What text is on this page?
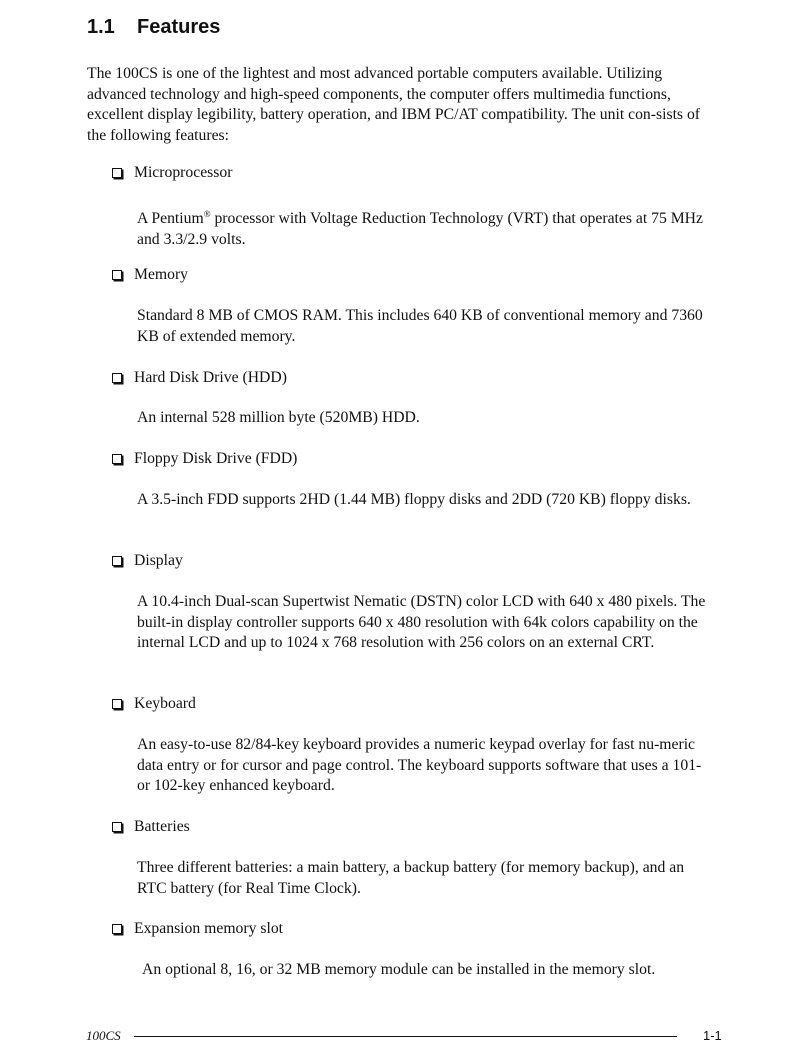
1.1 Features

The 100CS is one of the lightest and most advanced portable computers available. Utilizing advanced technology and high-speed components, the computer offers multimedia functions, excellent display legibility, battery operation, and IBM PC/AT compatibility. The unit con-sists of the following features:

Microprocessor

A Pentium® processor with Voltage Reduction Technology (VRT) that operates at 75 MHz and 3.3/2.9 volts.

Memory

Standard 8 MB of CMOS RAM. This includes 640 KB of conventional memory and 7360 KB of extended memory.

Hard Disk Drive (HDD)

An internal 528 million byte (520MB) HDD.

Floppy Disk Drive (FDD)

A 3.5-inch FDD supports 2HD (1.44 MB) floppy disks and 2DD (720 KB) floppy disks.

Display

A 10.4-inch Dual-scan Supertwist Nematic (DSTN) color LCD with 640 x 480 pixels. The built-in display controller supports 640 x 480 resolution with 64k colors capability on the internal LCD and up to 1024 x 768 resolution with 256 colors on an external CRT.

Keyboard

An easy-to-use 82/84-key keyboard provides a numeric keypad overlay for fast nu-meric data entry or for cursor and page control. The keyboard supports software that uses a 101- or 102-key enhanced keyboard.

Batteries

Three different batteries: a main battery, a backup battery (for memory backup), and an RTC battery (for Real Time Clock).

Expansion memory slot

An optional 8, 16, or 32 MB memory module can be installed in the memory slot.

100CS	1-1
